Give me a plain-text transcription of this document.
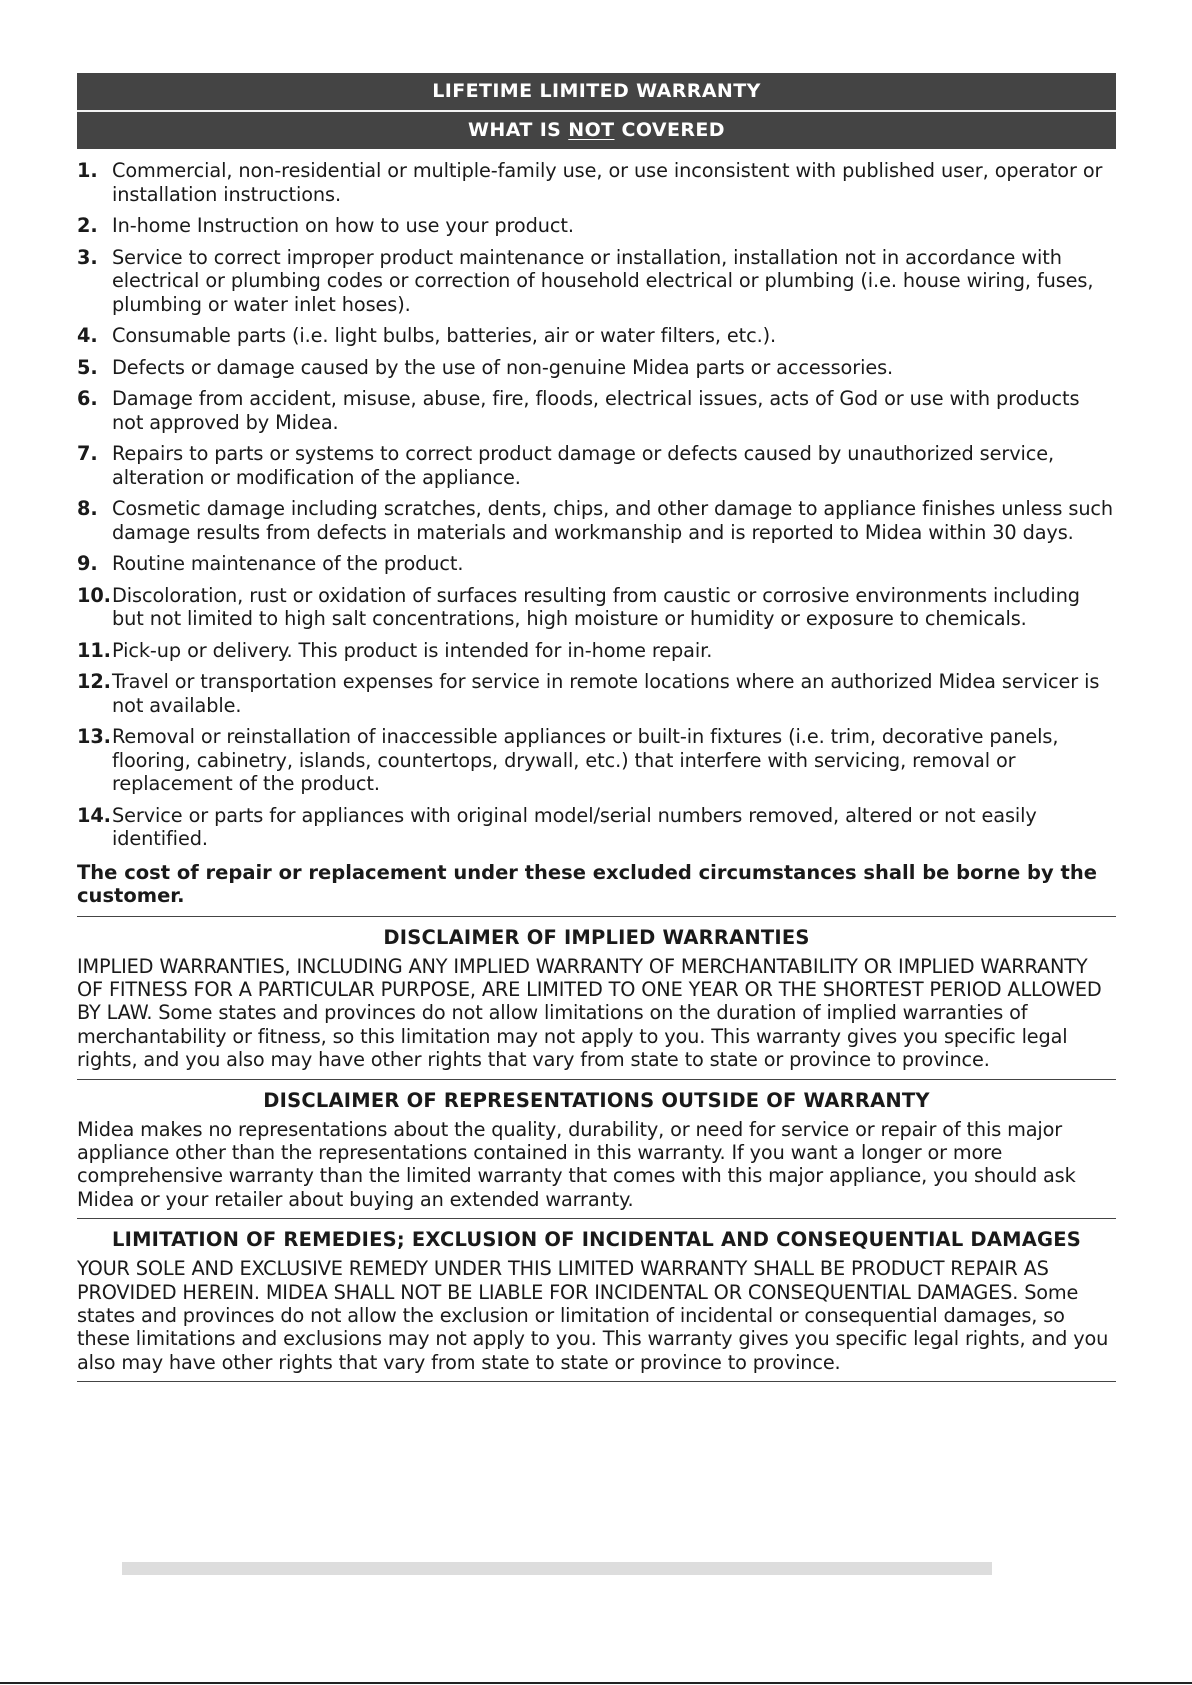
LIFETIME LIMITED WARRANTY
WHAT IS NOT COVERED
1. Commercial, non-residential or multiple-family use, or use inconsistent with published user, operator or installation instructions.
2. In-home Instruction on how to use your product.
3. Service to correct improper product maintenance or installation, installation not in accordance with electrical or plumbing codes or correction of household electrical or plumbing (i.e. house wiring, fuses, plumbing or water inlet hoses).
4. Consumable parts (i.e. light bulbs, batteries, air or water filters, etc.).
5. Defects or damage caused by the use of non-genuine Midea parts or accessories.
6. Damage from accident, misuse, abuse, fire, floods, electrical issues, acts of God or use with products not approved by Midea.
7. Repairs to parts or systems to correct product damage or defects caused by unauthorized service, alteration or modification of the appliance.
8. Cosmetic damage including scratches, dents, chips, and other damage to appliance finishes unless such damage results from defects in materials and workmanship and is reported to Midea within 30 days.
9. Routine maintenance of the product.
10. Discoloration, rust or oxidation of surfaces resulting from caustic or corrosive environments including but not limited to high salt concentrations, high moisture or humidity or exposure to chemicals.
11. Pick-up or delivery. This product is intended for in-home repair.
12. Travel or transportation expenses for service in remote locations where an authorized Midea servicer is not available.
13. Removal or reinstallation of inaccessible appliances or built-in fixtures (i.e. trim, decorative panels, flooring, cabinetry, islands, countertops, drywall, etc.) that interfere with servicing, removal or replacement of the product.
14. Service or parts for appliances with original model/serial numbers removed, altered or not easily identified.
The cost of repair or replacement under these excluded circumstances shall be borne by the customer.
DISCLAIMER OF IMPLIED WARRANTIES

IMPLIED WARRANTIES, INCLUDING ANY IMPLIED WARRANTY OF MERCHANTABILITY OR IMPLIED WARRANTY OF FITNESS FOR A PARTICULAR PURPOSE, ARE LIMITED TO ONE YEAR OR THE SHORTEST PERIOD ALLOWED BY LAW. Some states and provinces do not allow limitations on the duration of implied warranties of merchantability or fitness, so this limitation may not apply to you. This warranty gives you specific legal rights, and you also may have other rights that vary from state to state or province to province.

DISCLAIMER OF REPRESENTATIONS OUTSIDE OF WARRANTY

Midea makes no representations about the quality, durability, or need for service or repair of this major appliance other than the representations contained in this warranty. If you want a longer or more comprehensive warranty than the limited warranty that comes with this major appliance, you should ask Midea or your retailer about buying an extended warranty.

LIMITATION OF REMEDIES; EXCLUSION OF INCIDENTAL AND CONSEQUENTIAL DAMAGES

YOUR SOLE AND EXCLUSIVE REMEDY UNDER THIS LIMITED WARRANTY SHALL BE PRODUCT REPAIR AS PROVIDED HEREIN. MIDEA SHALL NOT BE LIABLE FOR INCIDENTAL OR CONSEQUENTIAL DAMAGES. Some states and provinces do not allow the exclusion or limitation of incidental or consequential damages, so these limitations and exclusions may not apply to you. This warranty gives you specific legal rights, and you also may have other rights that vary from state to state or province to province.
